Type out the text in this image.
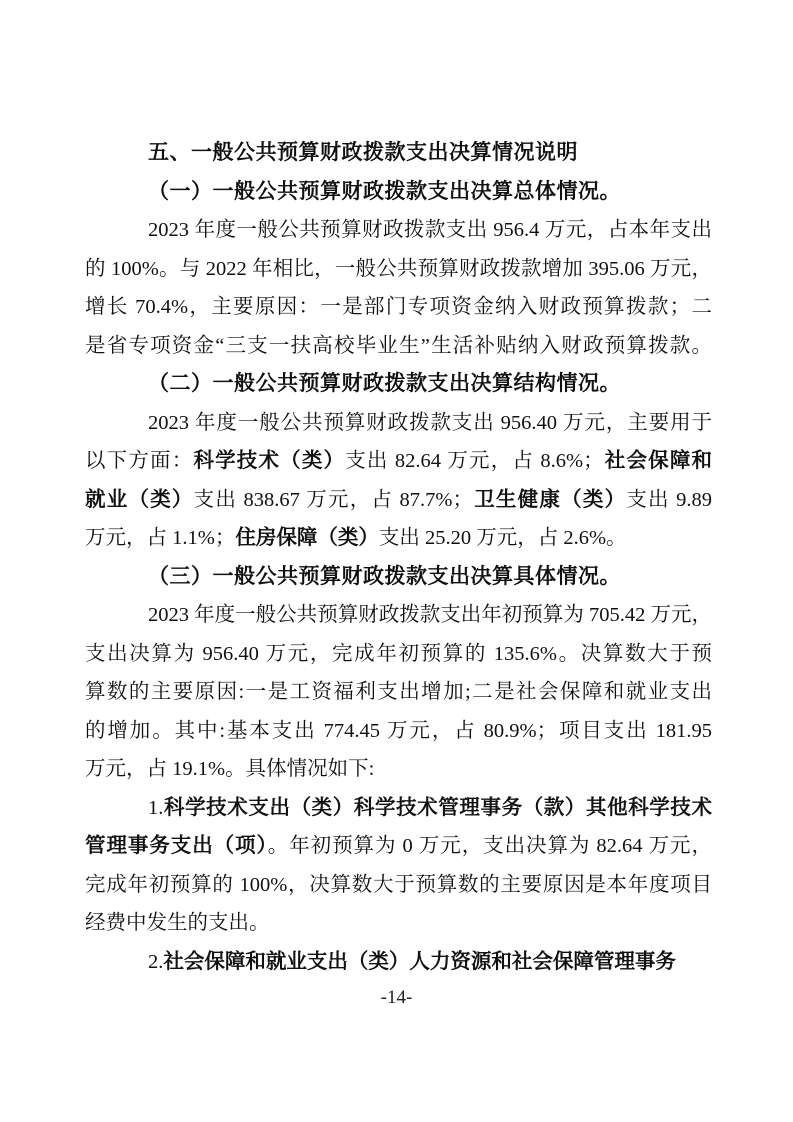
五、一般公共预算财政拨款支出决算情况说明
（一）一般公共预算财政拨款支出决算总体情况。
2023 年度一般公共预算财政拨款支出 956.4 万元，占本年支出
的 100%。与 2022 年相比，一般公共预算财政拨款增加 395.06 万元，
增长 70.4%，主要原因：一是部门专项资金纳入财政预算拨款；二
是省专项资金“三支一扶高校毕业生”生活补贴纳入财政预算拨款。
（二）一般公共预算财政拨款支出决算结构情况。
2023 年度一般公共预算财政拨款支出 956.40 万元，主要用于
以下方面：科学技术（类）支出 82.64 万元，占 8.6%；社会保障和
就业（类）支出 838.67 万元，占 87.7%；卫生健康（类）支出 9.89
万元，占 1.1%；住房保障（类）支出 25.20 万元，占 2.6%。
（三）一般公共预算财政拨款支出决算具体情况。
2023 年度一般公共预算财政拨款支出年初预算为 705.42 万元，
支出决算为 956.40 万元，完成年初预算的 135.6%。决算数大于预
算数的主要原因:一是工资福利支出增加;二是社会保障和就业支出
的增加。其中:基本支出 774.45 万元，占 80.9%；项目支出 181.95
万元，占 19.1%。具体情况如下:
1.科学技术支出（类）科学技术管理事务（款）其他科学技术
管理事务支出（项）。年初预算为 0 万元，支出决算为 82.64 万元，
完成年初预算的 100%，决算数大于预算数的主要原因是本年度项目
经费中发生的支出。
2.社会保障和就业支出（类）人力资源和社会保障管理事务
-14-
